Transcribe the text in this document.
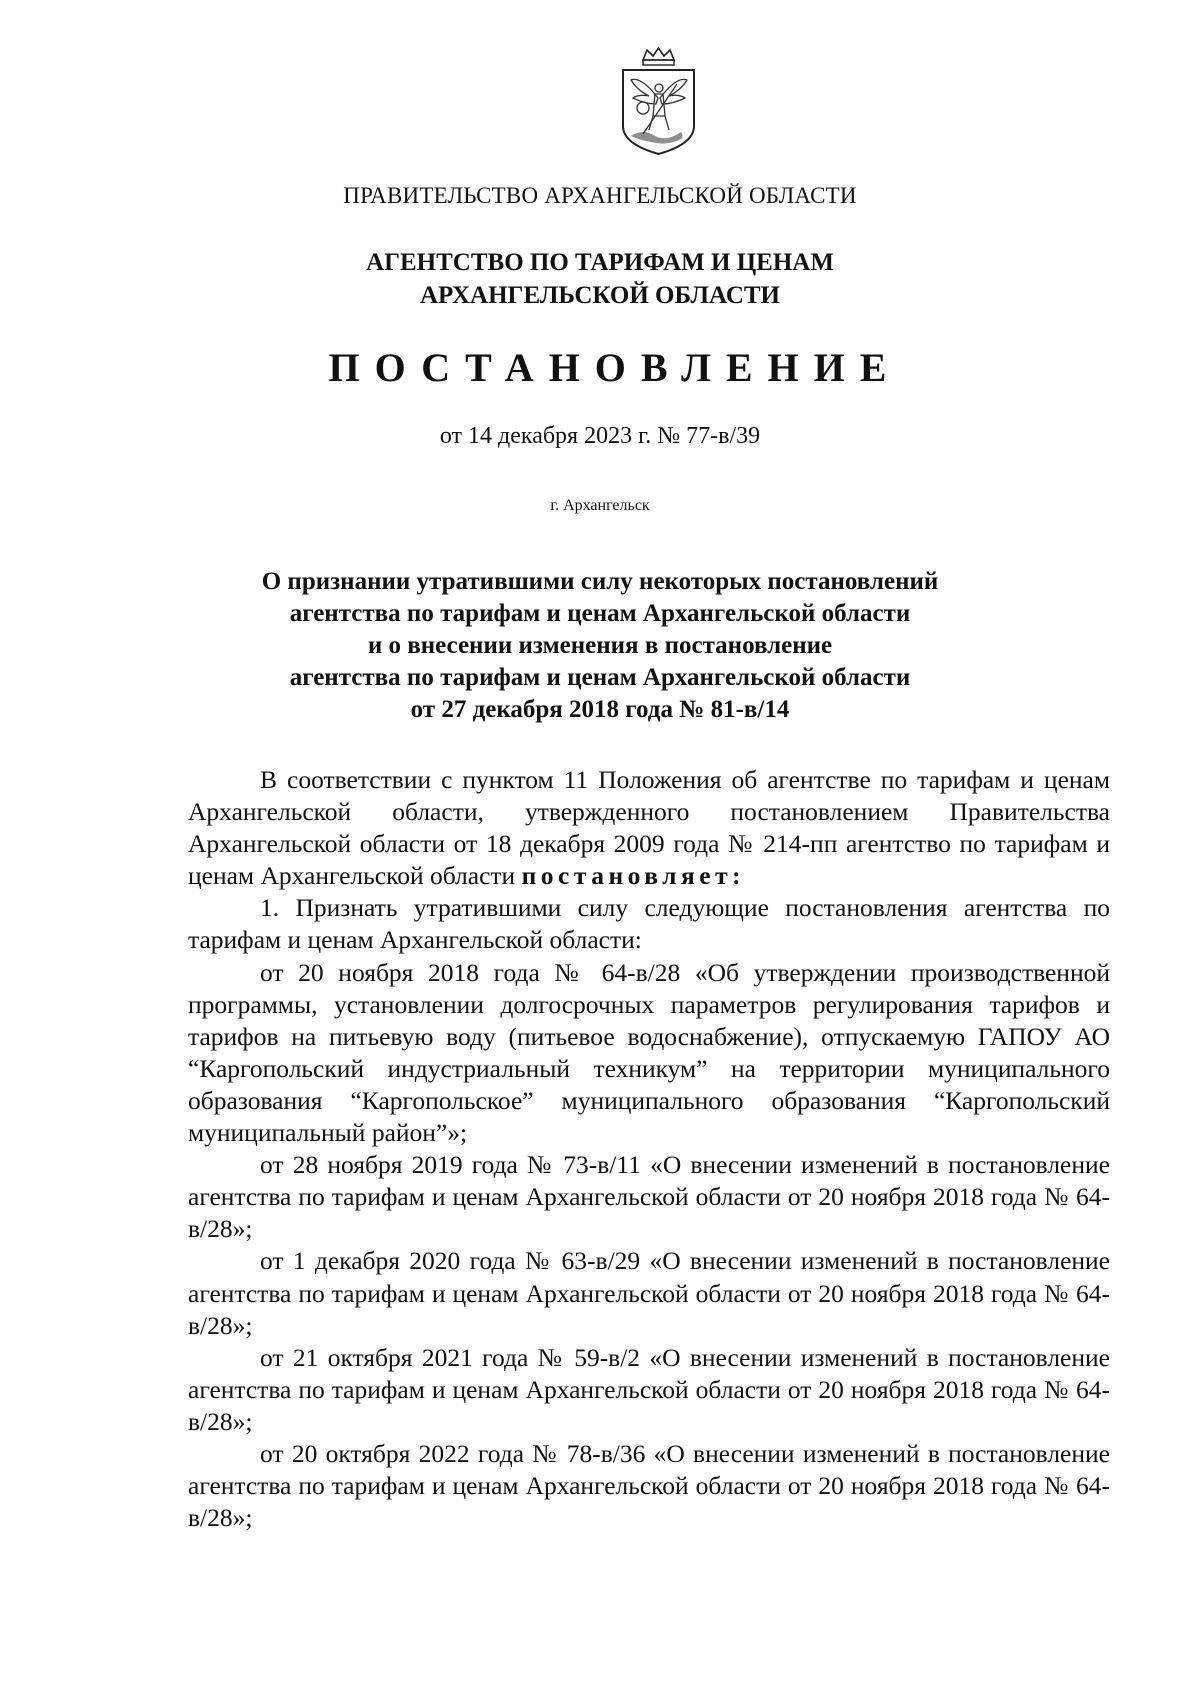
ПРАВИТЕЛЬСТВО АРХАНГЕЛЬСКОЙ ОБЛАСТИ
АГЕНТСТВО ПО ТАРИФАМ И ЦЕНАМ
АРХАНГЕЛЬСКОЙ ОБЛАСТИ
ПОСТАНОВЛЕНИЕ
от 14 декабря 2023 г. № 77-в/39
г. Архангельск
О признании утратившими силу некоторых постановлений
агентства по тарифам и ценам Архангельской области
и о внесении изменения в постановление
агентства по тарифам и ценам Архангельской области
от 27 декабря 2018 года № 81-в/14

В соответствии с пунктом 11 Положения об агентстве по тарифам и ценам Архангельской области, утвержденного постановлением Правительства Архангельской области от 18 декабря 2009 года № 214-пп агентство по тарифам и ценам Архангельской области постановляет:

1. Признать утратившими силу следующие постановления агентства по тарифам и ценам Архангельской области:

от 20 ноября 2018 года № 64-в/28 «Об утверждении производственной программы, установлении долгосрочных параметров регулирования тарифов и тарифов на питьевую воду (питьевое водоснабжение), отпускаемую ГАПОУ АО “Каргопольский индустриальный техникум” на территории муниципального образования “Каргопольское” муниципального образования “Каргопольский муниципальный район”»;

от 28 ноября 2019 года № 73-в/11 «О внесении изменений в постановление агентства по тарифам и ценам Архангельской области от 20 ноября 2018 года № 64-в/28»;

от 1 декабря 2020 года № 63-в/29 «О внесении изменений в постановление агентства по тарифам и ценам Архангельской области от 20 ноября 2018 года № 64-в/28»;

от 21 октября 2021 года № 59-в/2 «О внесении изменений в постановление агентства по тарифам и ценам Архангельской области от 20 ноября 2018 года № 64-в/28»;

от 20 октября 2022 года № 78-в/36 «О внесении изменений в постановление агентства по тарифам и ценам Архангельской области от 20 ноября 2018 года № 64-в/28»;
